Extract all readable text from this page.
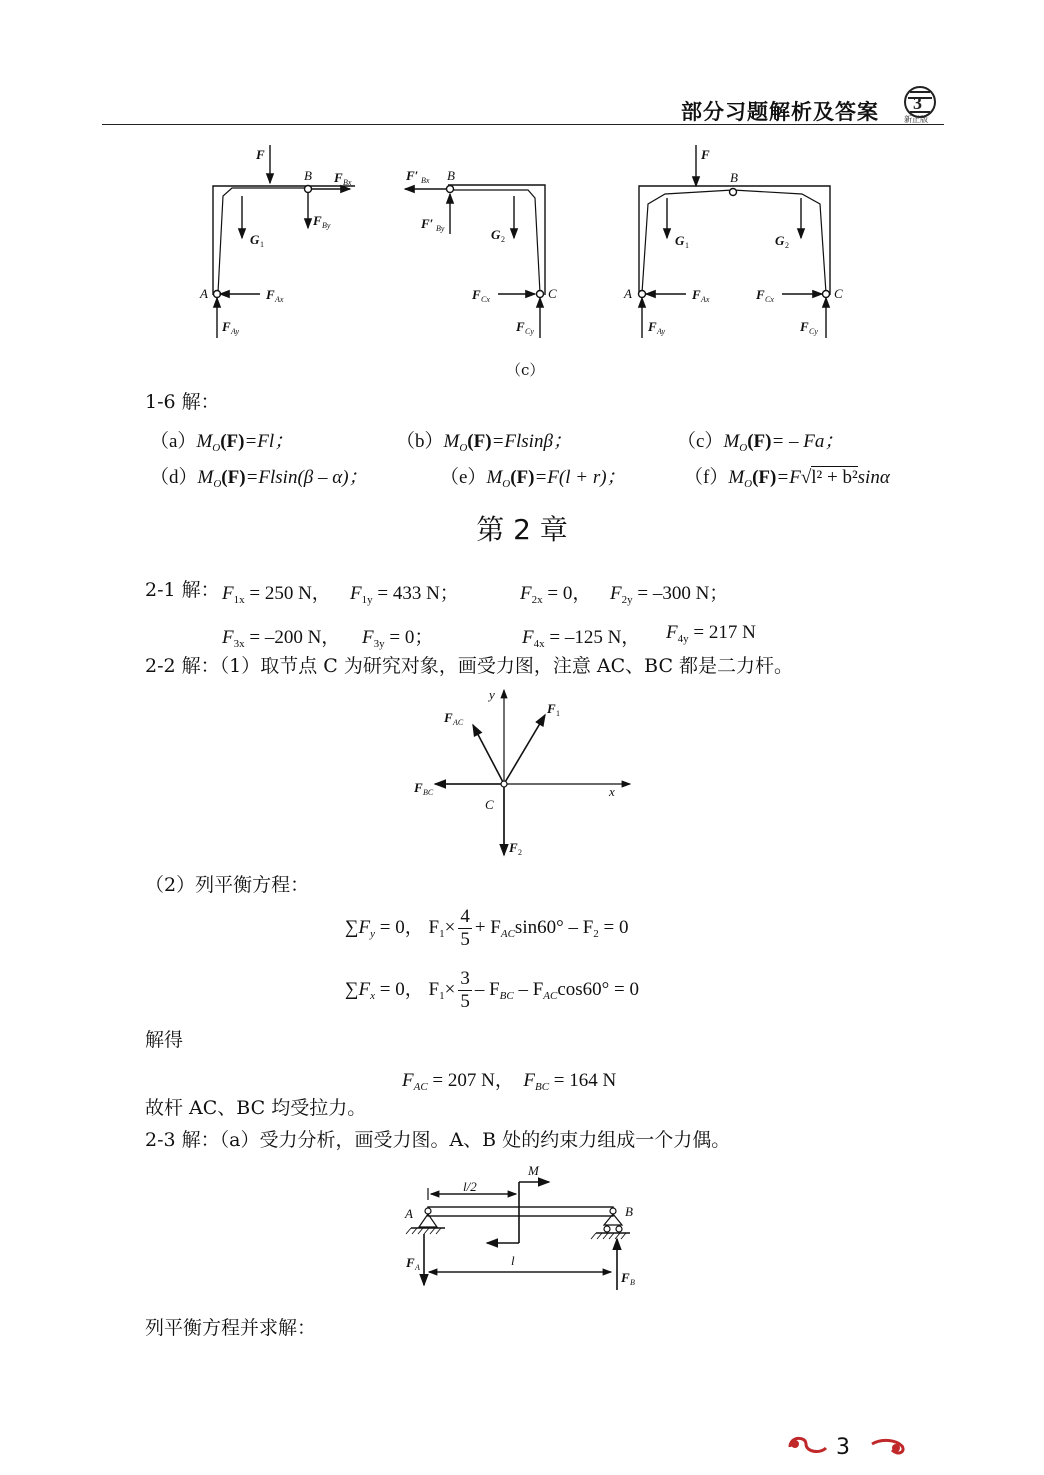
部分习题解析及答案 3
新正版
F
B F Bx
F By
G 1
A	F Ax
F Ay
F′ Bx B
F′ By	G 2
F Cx	C
F Cy
F
B
G 1	G 2
A	F Ax	F Cx	C
F Ay	F Cy
（c）
1-6 解：
$(a)M_O(F)=Fl$；	$(b)M_O(F)=Flsin\beta$；	$(c)M_O(F)= - Fa$；
$(d)M_O(F)=Flsin(\beta - \alpha)$；	$(e)M_O(F)=F(l + r)$；	$(f)M_O(F)=F√l^2 + b^2\sin\alpha$
第 2 章
2-1 解： $F_{1x} = 250$ N， $F_{1y} = 433$ N；	$F_{2x} = 0$， $F_{2y} = -300$ N；
$F_{3x} = -200$ N， $F_{3y} = 0$；	$F_{4x} = -125$ N， $F_{4y} = 217$ N
2-2 解：（1）取节点 C 为研究对象，画受力图，注意 AC、BC 都是二力杆。
y
x
C
F AC
F 1
F BC
F 2
（2）列平衡方程：
$\sum F_y = 0$， $F_1\times \frac{4}{5} + F_{AC}\sin 60^\circ - F_2 = 0$
$\sum F_x = 0$， $F_1\times \frac{3}{5} - F_{BC} - F_{AC}\cos 60^\circ = 0$
解得
$F_{AC} = 207$ N， $F_{BC} = 164$ N
故杆 AC、BC 均受拉力。
2-3 解：（a）受力分析，画受力图。A、B 处的约束力组成一个力偶。
M
l/2
A	B
F A	l
F B
列平衡方程并求解：
3
